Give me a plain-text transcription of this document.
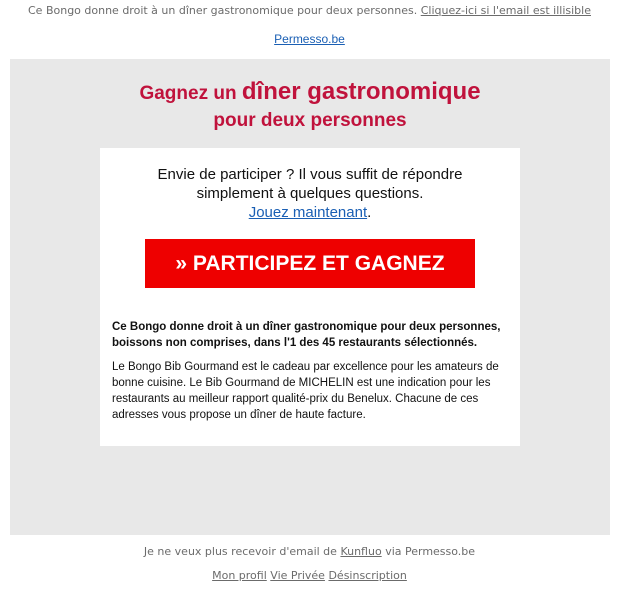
Ce Bongo donne droit à un dîner gastronomique pour deux personnes. Cliquez-ici si l'email est illisible
Permesso.be
Gagnez un dîner gastronomique
pour deux personnes
Envie de participer ? Il vous suffit de répondre
simplement à quelques questions.
Jouez maintenant.
» PARTICIPEZ ET GAGNEZ
Ce Bongo donne droit à un dîner gastronomique pour deux personnes, boissons non comprises, dans l'1 des 45 restaurants sélectionnés.
Le Bongo Bib Gourmand est le cadeau par excellence pour les amateurs de bonne cuisine. Le Bib Gourmand de MICHELIN est une indication pour les restaurants au meilleur rapport qualité-prix du Benelux. Chacune de ces adresses vous propose un dîner de haute facture.
Je ne veux plus recevoir d'email de Kunfluo via Permesso.be
Mon profil Vie Privée Désinscription
